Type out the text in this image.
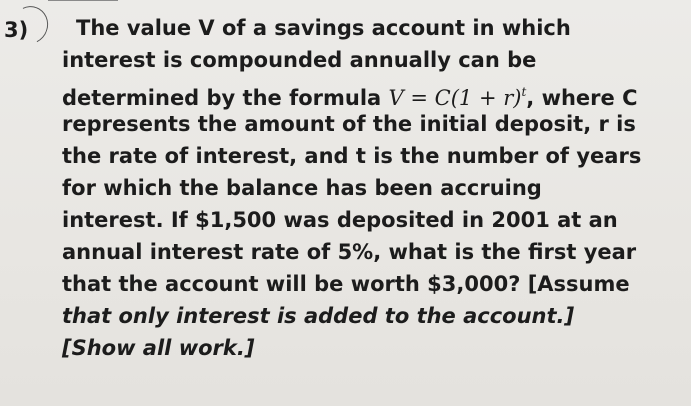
3)	The value V of a savings account in which
interest is compounded annually can be
determined by the formula $V = C(1 + r)^t$, where C
represents the amount of the initial deposit, r is
the rate of interest, and t is the number of years
for which the balance has been accruing
interest. If $1,500 was deposited in 2001 at an
annual interest rate of 5%, what is the first year
that the account will be worth $3,000? [Assume
that only interest is added to the account.]
[Show all work.]
